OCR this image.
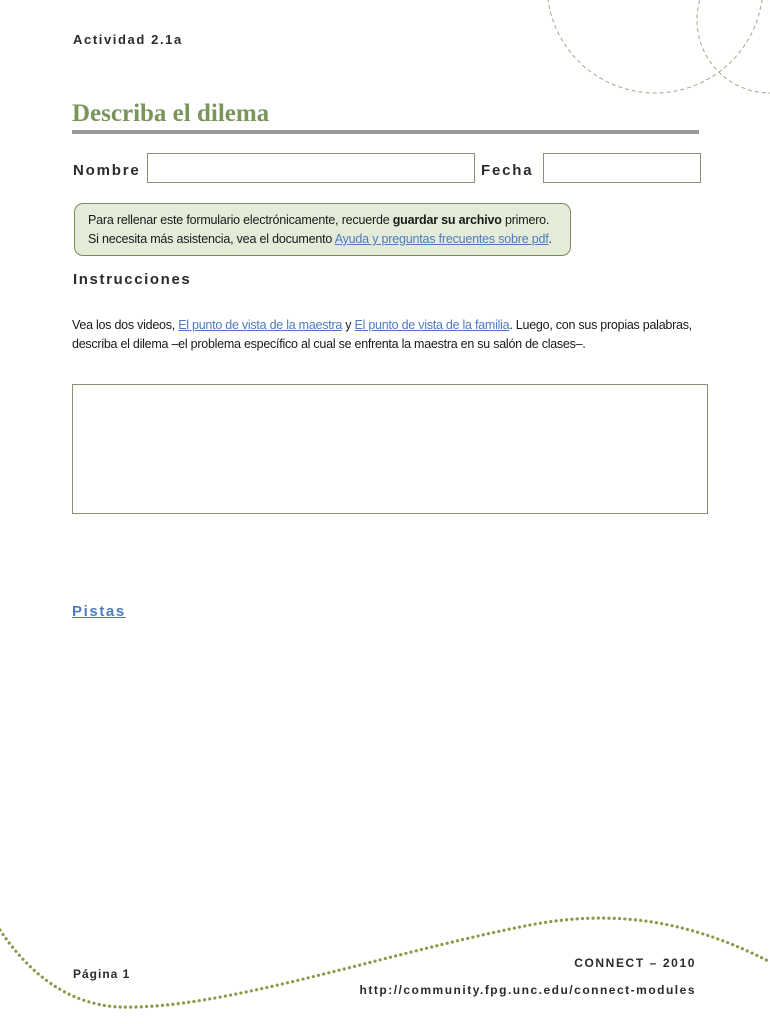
Actividad 2.1a
Describa el dilema
Nombre	Fecha
Para rellenar este formulario electrónicamente, recuerde guardar su archivo primero. Si necesita más asistencia, vea el documento Ayuda y preguntas frecuentes sobre pdf.
Instrucciones
Vea los dos videos, El punto de vista de la maestra y El punto de vista de la familia. Luego, con sus propias palabras, describa el dilema –el problema específico al cual se enfrenta la maestra en su salón de clases–.
Pistas
Página 1
CONNECT – 2010
http://community.fpg.unc.edu/connect-modules
